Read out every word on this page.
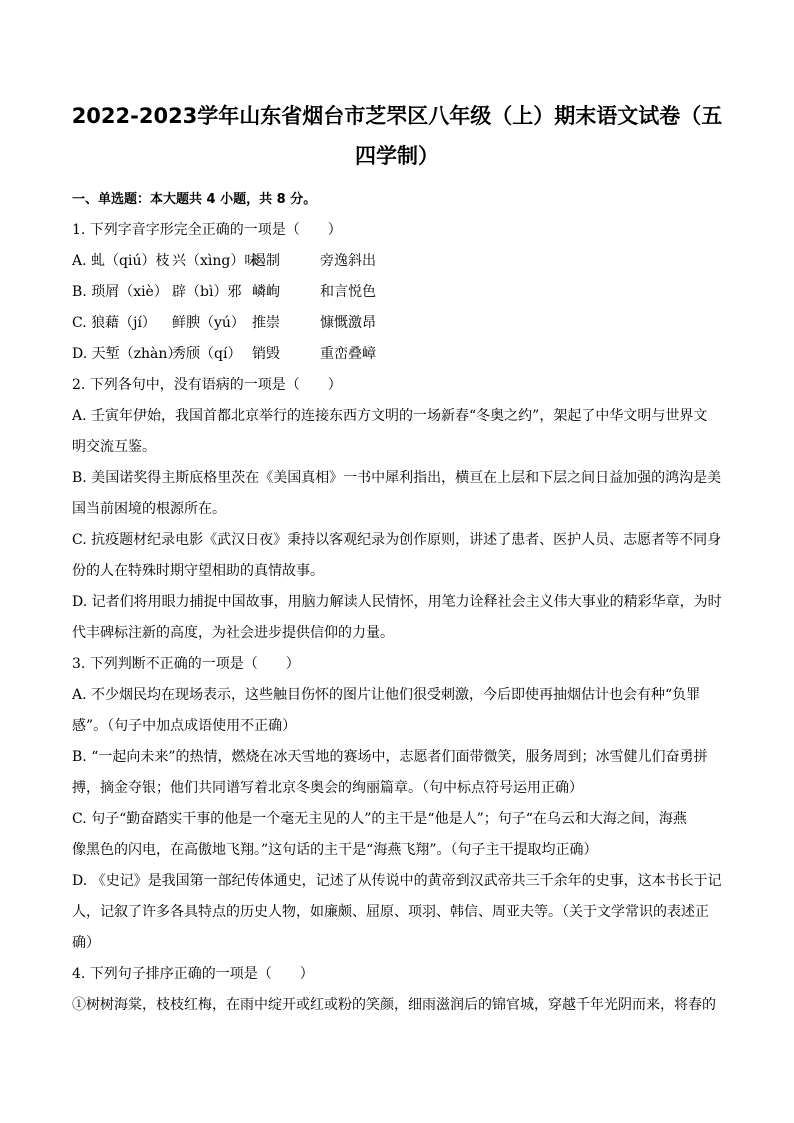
2022-2023学年山东省烟台市芝罘区八年级（上）期末语文试卷（五
四学制）
一、单选题：本大题共 4 小题，共 8 分。
1. 下列字音字形完全正确的一项是（　　）
A. 虬（qiú）枝 兴（xìng）味遏制	旁逸斜出
B. 琐屑（xiè） 辟（bì）邪 嶙峋	和言悦色
C. 狼藉（jí） 鲜腴（yú） 推崇	慷慨激昂
D. 天堑（zhàn）秀颀（qí） 销毁	重峦叠嶂
2. 下列各句中，没有语病的一项是（　　）
A. 壬寅年伊始，我国首都北京举行的连接东西方文明的一场新春“冬奥之约”，架起了中华文明与世界文
明交流互鉴。
B. 美国诺奖得主斯底格里茨在《美国真相》一书中犀利指出，横亘在上层和下层之间日益加强的鸿沟是美
国当前困境的根源所在。
C. 抗疫题材纪录电影《武汉日夜》秉持以客观纪录为创作原则，讲述了患者、医护人员、志愿者等不同身
份的人在特殊时期守望相助的真情故事。
D. 记者们将用眼力捕捉中国故事，用脑力解读人民情怀，用笔力诠释社会主义伟大事业的精彩华章，为时
代丰碑标注新的高度，为社会进步提供信仰的力量。
3. 下列判断不正确的一项是（　　）
A. 不少烟民均在现场表示，这些触目伤怀的图片让他们很受刺激，今后即使再抽烟估计也会有种“负罪
感”。（句子中加点成语使用不正确）
B. “一起向未来”的热情，燃烧在冰天雪地的赛场中，志愿者们面带微笑，服务周到；冰雪健儿们奋勇拼
搏，摘金夺银；他们共同谱写着北京冬奥会的绚丽篇章。（句中标点符号运用正确）
C. 句子“勤奋踏实干事的他是一个毫无主见的人”的主干是“他是人”；句子“在乌云和大海之间，海燕
像黑色的闪电，在高傲地飞翔。”这句话的主干是“海燕飞翔”。（句子主干提取均正确）
D. 《史记》是我国第一部纪传体通史，记述了从传说中的黄帝到汉武帝共三千余年的史事，这本书长于记
人，记叙了许多各具特点的历史人物，如廉颇、屈原、项羽、韩信、周亚夫等。（关于文学常识的表述正
确）
4. 下列句子排序正确的一项是（　　）
①树树海棠，枝枝红梅，在雨中绽开或红或粉的笑颜，细雨滋润后的锦官城，穿越千年光阴而来，将春的
